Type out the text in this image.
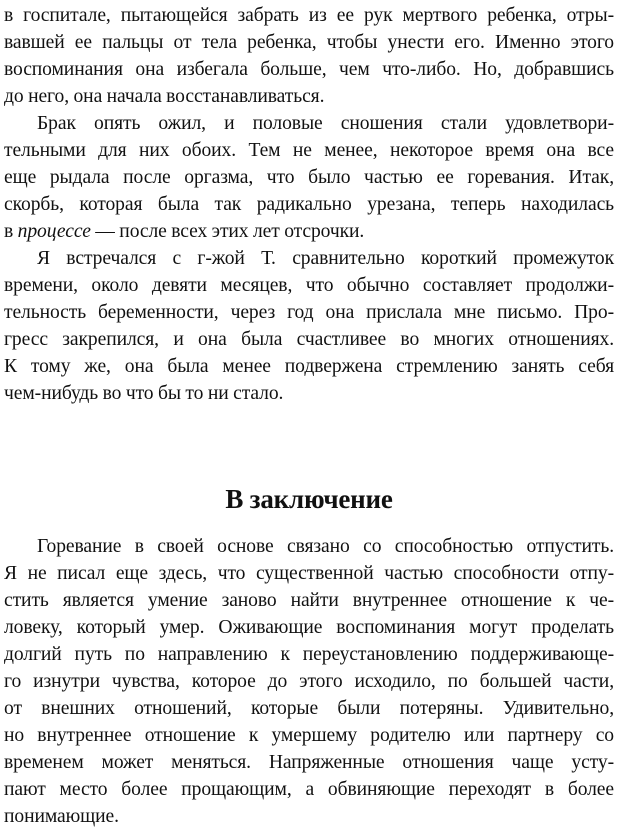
в госпитале, пытающейся забрать из ее рук мертвого ребенка, отры-
вавшей ее пальцы от тела ребенка, чтобы унести его. Именно этого
воспоминания она избегала больше, чем что-либо. Но, добравшись
до него, она начала восстанавливаться.

Брак опять ожил, и половые сношения стали удовлетвори-
тельными для них обоих. Тем не менее, некоторое время она все
еще рыдала после оргазма, что было частью ее горевания. Итак,
скорбь, которая была так радикально урезана, теперь находилась
в процессе — после всех этих лет отсрочки.

Я встречался с г-жой Т. сравнительно короткий промежуток
времени, около девяти месяцев, что обычно составляет продолжи-
тельность беременности, через год она прислала мне письмо. Про-
гресс закрепился, и она была счастливее во многих отношениях.
К тому же, она была менее подвержена стремлению занять себя
чем-нибудь во что бы то ни стало.

В заключение

Горевание в своей основе связано со способностью отпустить.
Я не писал еще здесь, что существенной частью способности отпу-
стить является умение заново найти внутреннее отношение к че-
ловеку, который умер. Оживающие воспоминания могут проделать
долгий путь по направлению к переустановлению поддерживающе-
го изнутри чувства, которое до этого исходило, по большей части,
от внешних отношений, которые были потеряны. Удивительно,
но внутреннее отношение к умершему родителю или партнеру со
временем может меняться. Напряженные отношения чаще усту-
пают место более прощающим, а обвиняющие переходят в более
понимающие.
